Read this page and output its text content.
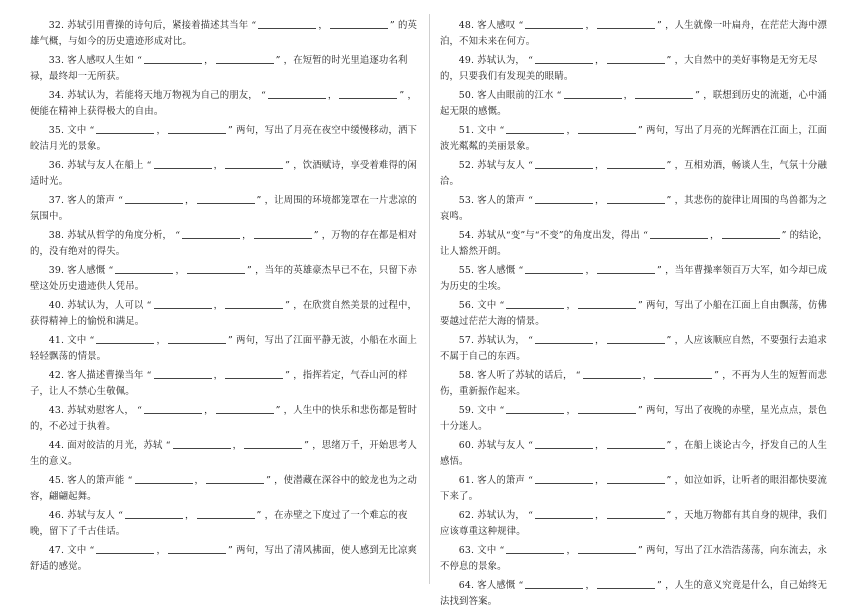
32. 苏轼引用曹操的诗句后，紧接着描述其当年 “	，	” 的英雄气概，与如今的历史遗迹形成对比。

33. 客人感叹人生如 “	，	” ，在短暂的时光里追逐功名利禄，最终却一无所获。

34. 苏轼认为，若能将天地万物视为自己的朋友， “	，	” ，便能在精神上获得极大的自由。

35. 文中 “	，	” 两句，写出了月亮在夜空中缓慢移动，洒下皎洁月光的景象。

36. 苏轼与友人在船上 “	，	” ，饮酒赋诗，享受着难得的闲适时光。

37. 客人的箫声 “	，	” ，让周围的环境都笼罩在一片悲凉的氛围中。

38. 苏轼从哲学的角度分析， “	，	” ，万物的存在都是相对的，没有绝对的得失。

39. 客人感慨 “	，	” ，当年的英雄豪杰早已不在，只留下赤壁这处历史遗迹供人凭吊。

40. 苏轼认为，人可以 “	，	” ，在欣赏自然美景的过程中，获得精神上的愉悦和满足。

41. 文中 “	，	” 两句，写出了江面平静无波，小船在水面上轻轻飘荡的情景。

42. 客人描述曹操当年 “	，	” ，指挥若定，气吞山河的样子，让人不禁心生敬佩。

43. 苏轼劝慰客人， “	，	” ，人生中的快乐和悲伤都是暂时的，不必过于执着。

44. 面对皎洁的月光，苏轼 “	，	” ，思绪万千，开始思考人生的意义。

45. 客人的箫声能 “	，	” ，使潜藏在深谷中的蛟龙也为之动容，翩翩起舞。

46. 苏轼与友人 “	，	” ，在赤壁之下度过了一个难忘的夜晚，留下了千古佳话。

47. 文中 “	，	” 两句，写出了清风拂面，使人感到无比凉爽舒适的感觉。

48. 客人感叹 “	，	” ，人生就像一叶扁舟，在茫茫大海中漂泊，不知未来在何方。

49. 苏轼认为， “	，	” ，大自然中的美好事物是无穷无尽的，只要我们有发现美的眼睛。

50. 客人由眼前的江水 “	，	” ，联想到历史的流逝，心中涌起无限的感慨。

51. 文中 “	，	” 两句，写出了月亮的光辉洒在江面上，江面波光粼粼的美丽景象。

52. 苏轼与友人 “	，	” ，互相劝酒，畅谈人生，气氛十分融洽。

53. 客人的箫声 “	，	” ，其悲伤的旋律让周围的鸟兽都为之哀鸣。

54. 苏轼从“变”与“不变”的角度出发，得出 “	，	” 的结论，让人豁然开朗。

55. 客人感慨 “	，	” ，当年曹操率领百万大军，如今却已成为历史的尘埃。

56. 文中 “	，	” 两句，写出了小船在江面上自由飘荡，仿佛要越过茫茫大海的情景。

57. 苏轼认为， “	，	” ，人应该顺应自然，不要强行去追求不属于自己的东西。

58. 客人听了苏轼的话后， “	，	” ，不再为人生的短暂而悲伤，重新振作起来。

59. 文中 “	，	” 两句，写出了夜晚的赤壁，星光点点，景色十分迷人。

60. 苏轼与友人 “	，	” ，在船上谈论古今，抒发自己的人生感悟。

61. 客人的箫声 “	，	” ，如泣如诉，让听者的眼泪都快要流下来了。

62. 苏轼认为， “	，	” ，天地万物都有其自身的规律，我们应该尊重这种规律。

63. 文中 “	，	” 两句，写出了江水浩浩荡荡，向东流去，永不停息的景象。

64. 客人感慨 “	，	” ，人生的意义究竟是什么，自己始终无法找到答案。
